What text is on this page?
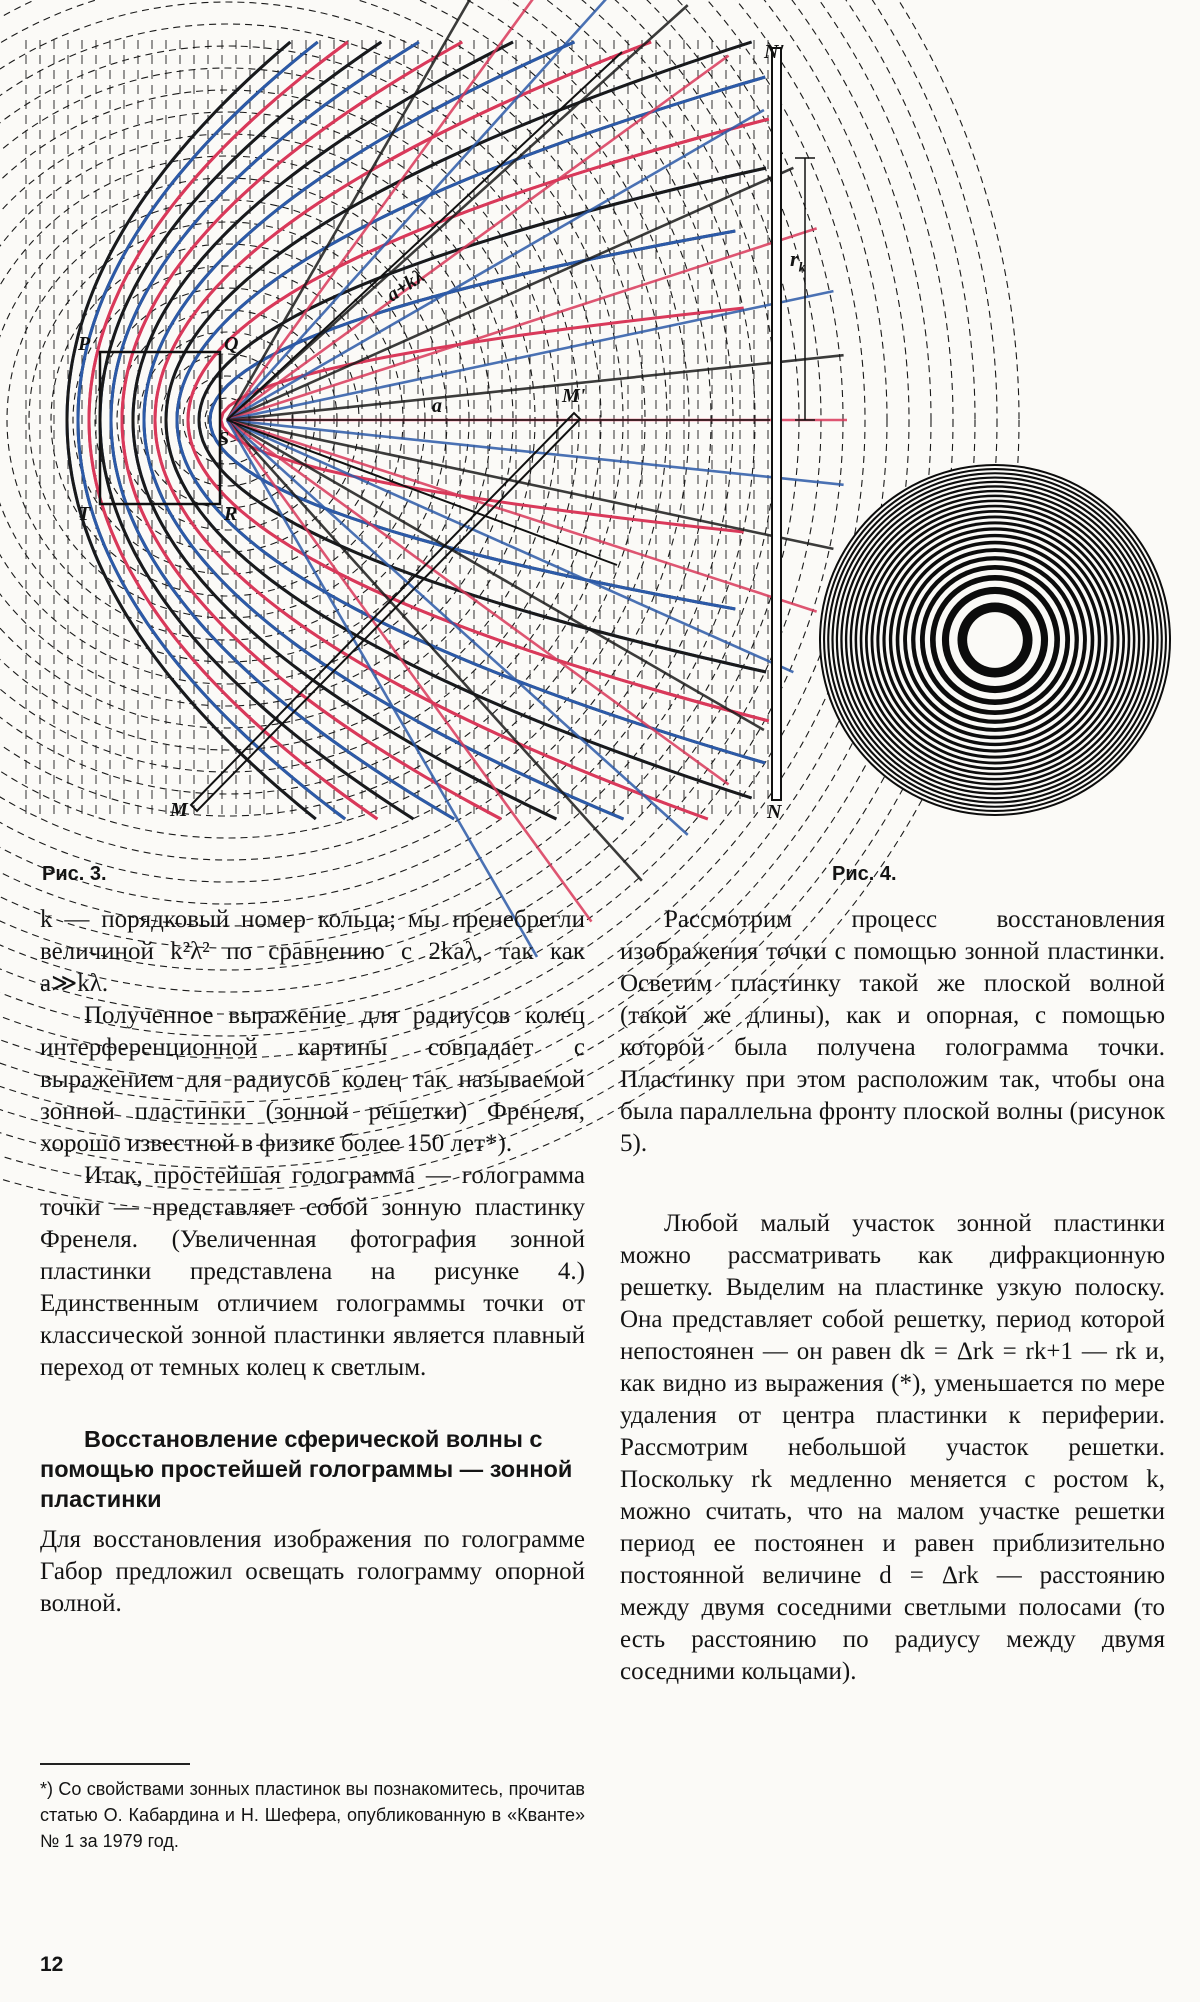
P	Q
T	R
S
M
M'
N
N'
a
a+kλ
$r_k$
Рис. 3.	Рис. 4.

k — порядковый номер кольца; мы пренебрегли величиной k²λ² по сравнению с 2kaλ, так как a≫kλ.

Полученное выражение для радиусов колец интерференционной картины совпадает с выражением для радиусов колец так называемой зонной пластинки (зонной решетки) Френеля, хорошо известной в физике более 150 лет*).

Итак, простейшая голограмма — голограмма точки — представляет собой зонную пластинку Френеля. (Увеличенная фотография зонной пластинки представлена на рисунке 4.) Единственным отличием голограммы точки от классической зонной пластинки является плавный переход от темных колец к светлым.

Восстановление сферической волны с помощью простейшей голограммы — зонной пластинки

Для восстановления изображения по голограмме Габор предложил освещать голограмму опорной волной.

Рассмотрим процесс восстановления изображения точки с помощью зонной пластинки. Осветим пластинку такой же плоской волной (такой же длины), как и опорная, с помощью которой была получена голограмма точки. Пластинку при этом расположим так, чтобы она была параллельна фронту плоской волны (рисунок 5).

Любой малый участок зонной пластинки можно рассматривать как дифракционную решетку. Выделим на пластинке узкую полоску. Она представляет собой решетку, период которой непостоянен — он равен dk = Δrk = rk+1 — rk и, как видно из выражения (*), уменьшается по мере удаления от центра пластинки к периферии. Рассмотрим небольшой участок решетки. Поскольку rk медленно меняется с ростом k, можно считать, что на малом участке решетки период ее постоянен и равен приблизительно постоянной величине d = Δrk — расстоянию между двумя соседними светлыми полосами (то есть расстоянию по радиусу между двумя соседними кольцами).

*) Со свойствами зонных пластинок вы познакомитесь, прочитав статью О. Кабардина и Н. Шефера, опубликованную в «Кванте» № 1 за 1979 год.
12
